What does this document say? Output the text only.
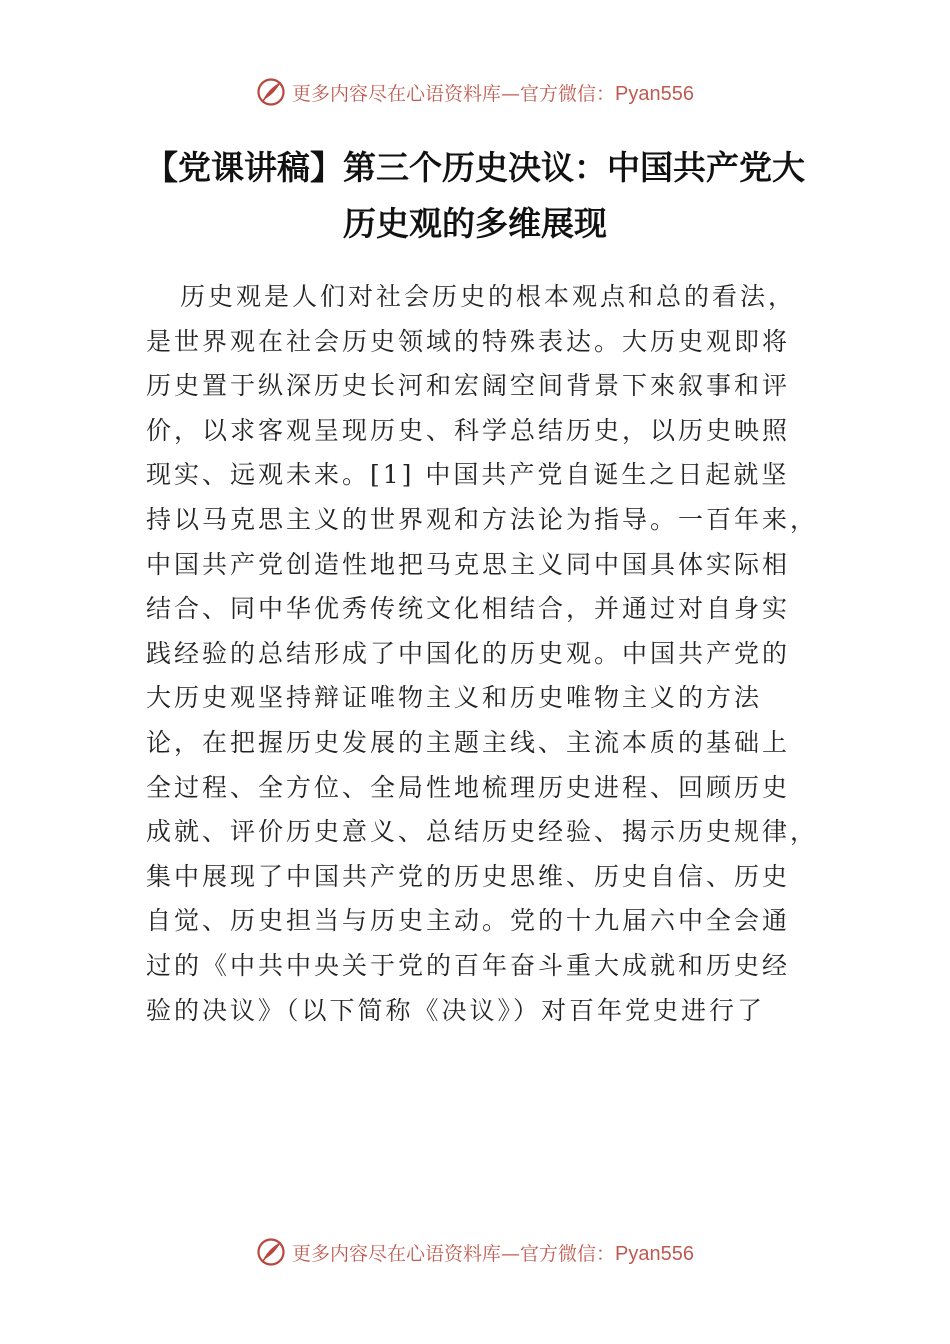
更多内容尽在心语资料库—官方微信：Pyan556
【党课讲稿】第三个历史决议：中国共产党大
历史观的多维展现
历史观是人们对社会历史的根本观点和总的看法，
是世界观在社会历史领域的特殊表达。大历史观即将
历史置于纵深历史长河和宏阔空间背景下來叙事和评
价，以求客观呈现历史、科学总结历史，以历史映照
现实、远观未来。[1] 中国共产党自诞生之日起就坚
持以马克思主义的世界观和方法论为指导。一百年来，
中国共产党创造性地把马克思主义同中国具体实际相
结合、同中华优秀传统文化相结合，并通过对自身实
践经验的总结形成了中国化的历史观。中国共产党的
大历史观坚持辩证唯物主义和历史唯物主义的方法
论，在把握历史发展的主题主线、主流本质的基础上
全过程、全方位、全局性地梳理历史进程、回顾历史
成就、评价历史意义、总结历史经验、揭示历史规律，
集中展现了中国共产党的历史思维、历史自信、历史
自觉、历史担当与历史主动。党的十九届六中全会通
过的《中共中央关于党的百年奋斗重大成就和历史经
验的决议》（以下简称《决议》）对百年党史进行了
更多内容尽在心语资料库—官方微信：Pyan556
